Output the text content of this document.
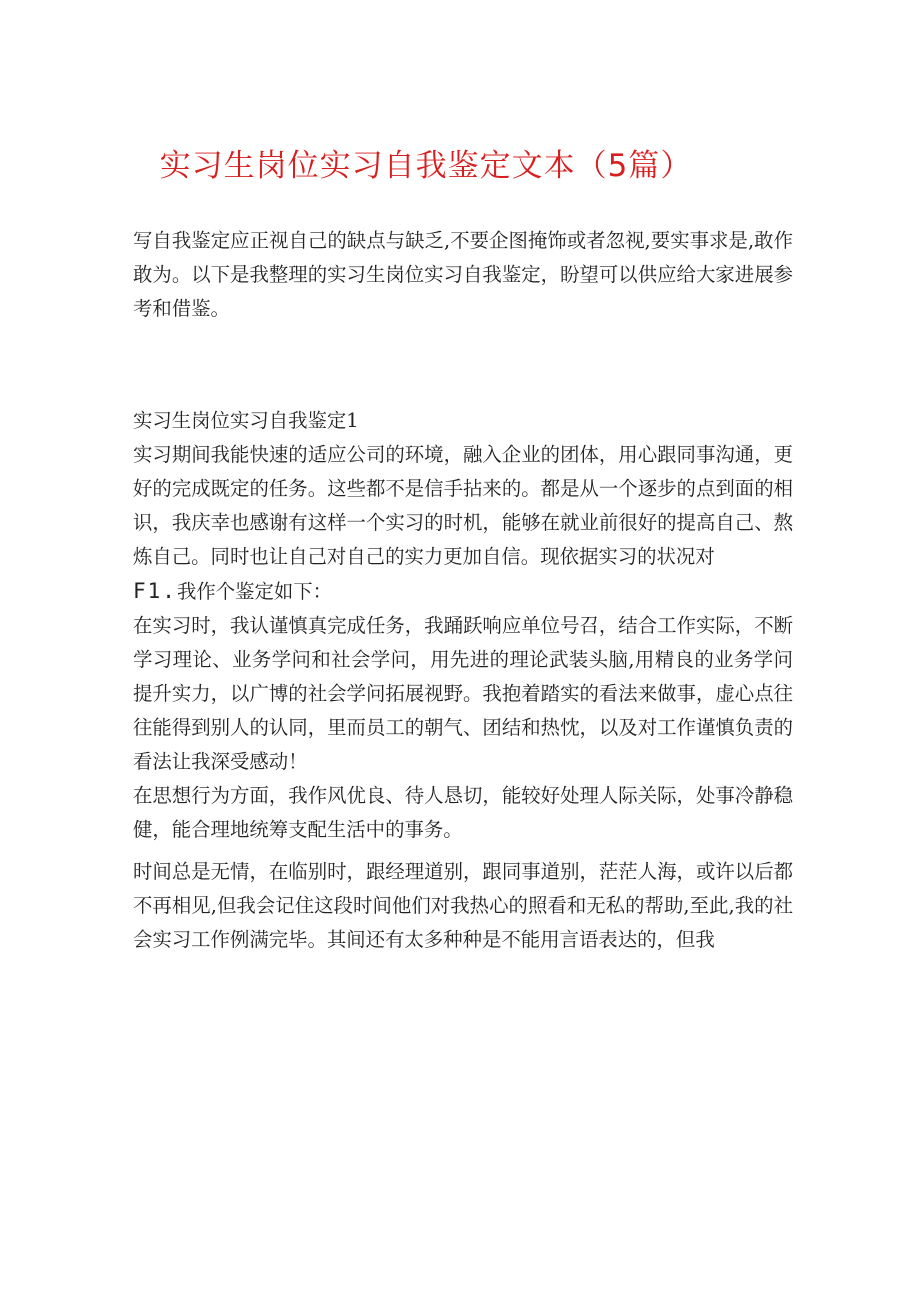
实习生岗位实习自我鉴定文本（5篇）

写自我鉴定应正视自己的缺点与缺乏,不要企图掩饰或者忽视,要实事求是,敢作敢为。以下是我整理的实习生岗位实习自我鉴定，盼望可以供应给大家进展参考和借鉴。

实习生岗位实习自我鉴定1

实习期间我能快速的适应公司的环境，融入企业的团体，用心跟同事沟通，更好的完成既定的任务。这些都不是信手拈来的。都是从一个逐步的点到面的相识，我庆幸也感谢有这样一个实习的时机，能够在就业前很好的提高自己、熬炼自己。同时也让自己对自己的实力更加自信。现依据实习的状况对

F1.我作个鉴定如下：

在实习时，我认谨慎真完成任务，我踊跃响应单位号召，结合工作实际，不断学习理论、业务学问和社会学问，用先进的理论武装头脑,用精良的业务学问提升实力，以广博的社会学问拓展视野。我抱着踏实的看法来做事，虚心点往往能得到别人的认同，里而员工的朝气、团结和热忱，以及对工作谨慎负责的看法让我深受感动！

在思想行为方面，我作风优良、待人恳切，能较好处理人际关际，处事冷静稳健，能合理地统筹支配生活中的事务。

时间总是无情，在临别时，跟经理道别，跟同事道别，茫茫人海，或许以后都不再相见,但我会记住这段时间他们对我热心的照看和无私的帮助,至此,我的社会实习工作例满完毕。其间还有太多种种是不能用言语表达的，但我
